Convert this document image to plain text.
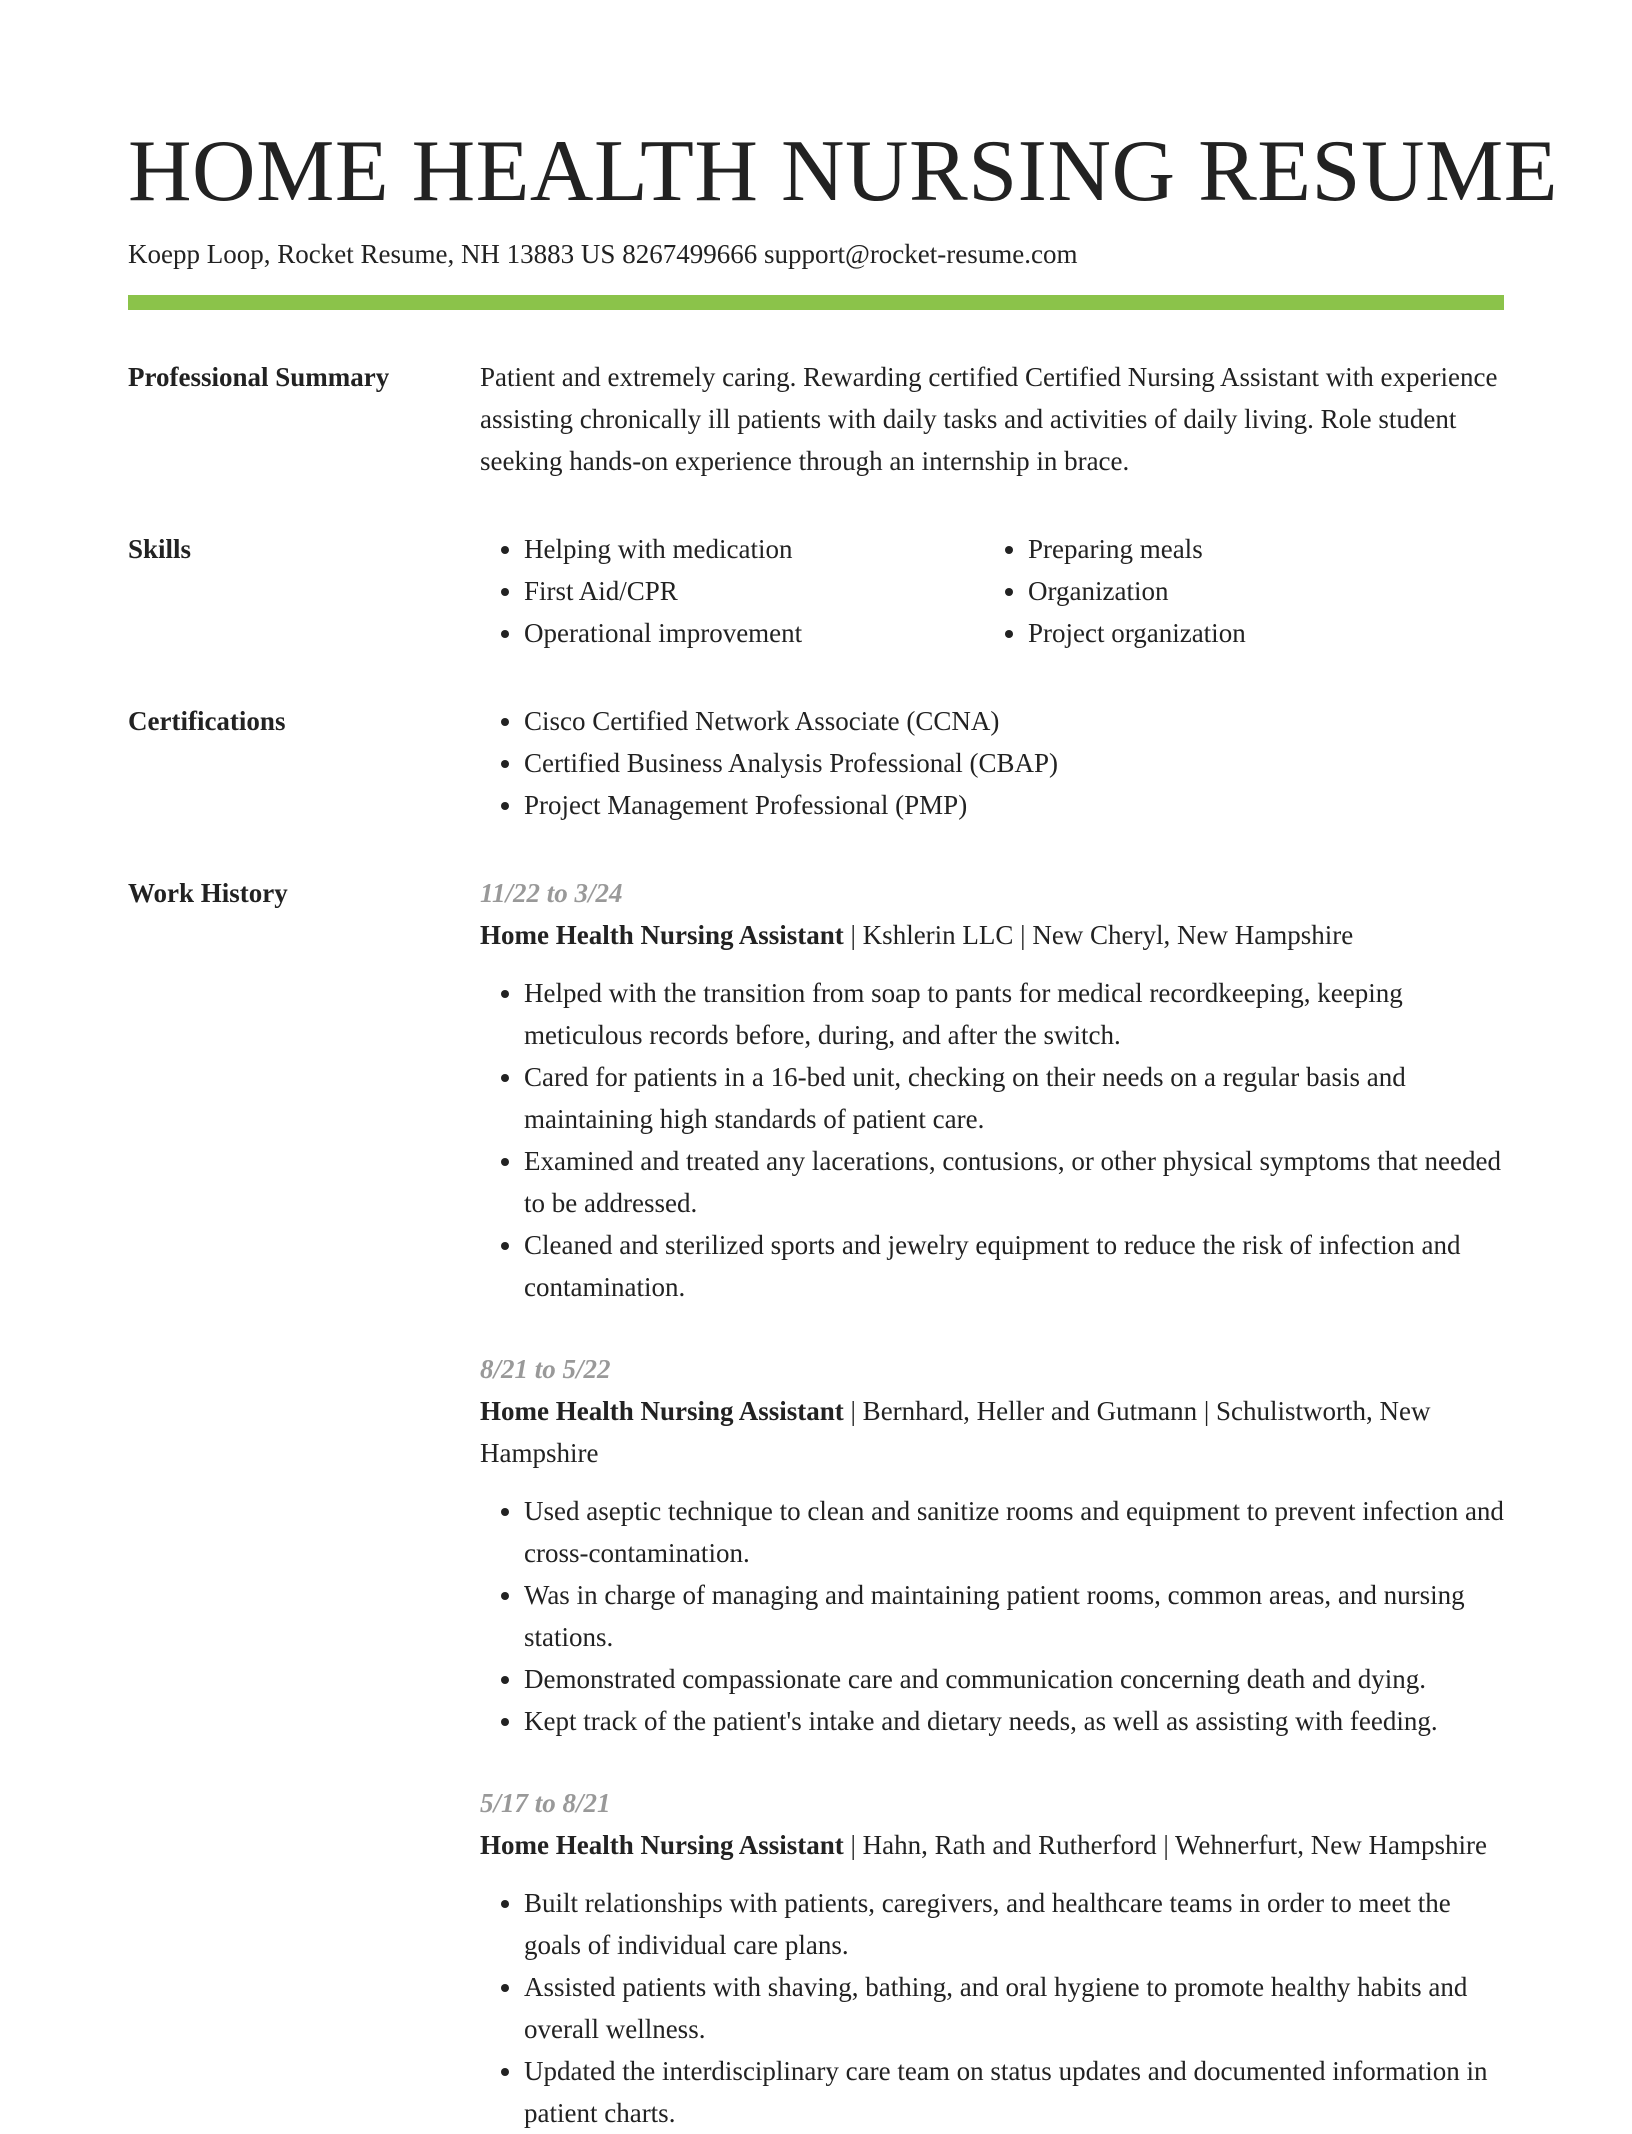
HOME HEALTH NURSING RESUME
Koepp Loop, Rocket Resume, NH 13883 US 8267499666 support@rocket-resume.com
Professional Summary	Patient and extremely caring. Rewarding certified Certified Nursing Assistant with experience assisting chronically ill patients with daily tasks and activities of daily living. Role student seeking hands-on experience through an internship in brace.

Skills	• Helping with medication
• First Aid/CPR
• Operational improvement
• Preparing meals
• Organization
• Project organization
Certifications	• Cisco Certified Network Associate (CCNA)
• Certified Business Analysis Professional (CBAP)
• Project Management Professional (PMP)
Work History	11/22 to 3/24
Home Health Nursing Assistant | Kshlerin LLC | New Cheryl, New Hampshire
• Helped with the transition from soap to pants for medical recordkeeping, keeping meticulous records before, during, and after the switch.
• Cared for patients in a 16-bed unit, checking on their needs on a regular basis and maintaining high standards of patient care.
• Examined and treated any lacerations, contusions, or other physical symptoms that needed to be addressed.
• Cleaned and sterilized sports and jewelry equipment to reduce the risk of infection and contamination.
8/21 to 5/22
Home Health Nursing Assistant | Bernhard, Heller and Gutmann | Schulistworth, New Hampshire
• Used aseptic technique to clean and sanitize rooms and equipment to prevent infection and cross-contamination.
• Was in charge of managing and maintaining patient rooms, common areas, and nursing stations.
• Demonstrated compassionate care and communication concerning death and dying.
• Kept track of the patient's intake and dietary needs, as well as assisting with feeding.
5/17 to 8/21
Home Health Nursing Assistant | Hahn, Rath and Rutherford | Wehnerfurt, New Hampshire
• Built relationships with patients, caregivers, and healthcare teams in order to meet the goals of individual care plans.
• Assisted patients with shaving, bathing, and oral hygiene to promote healthy habits and overall wellness.
• Updated the interdisciplinary care team on status updates and documented information in patient charts.
